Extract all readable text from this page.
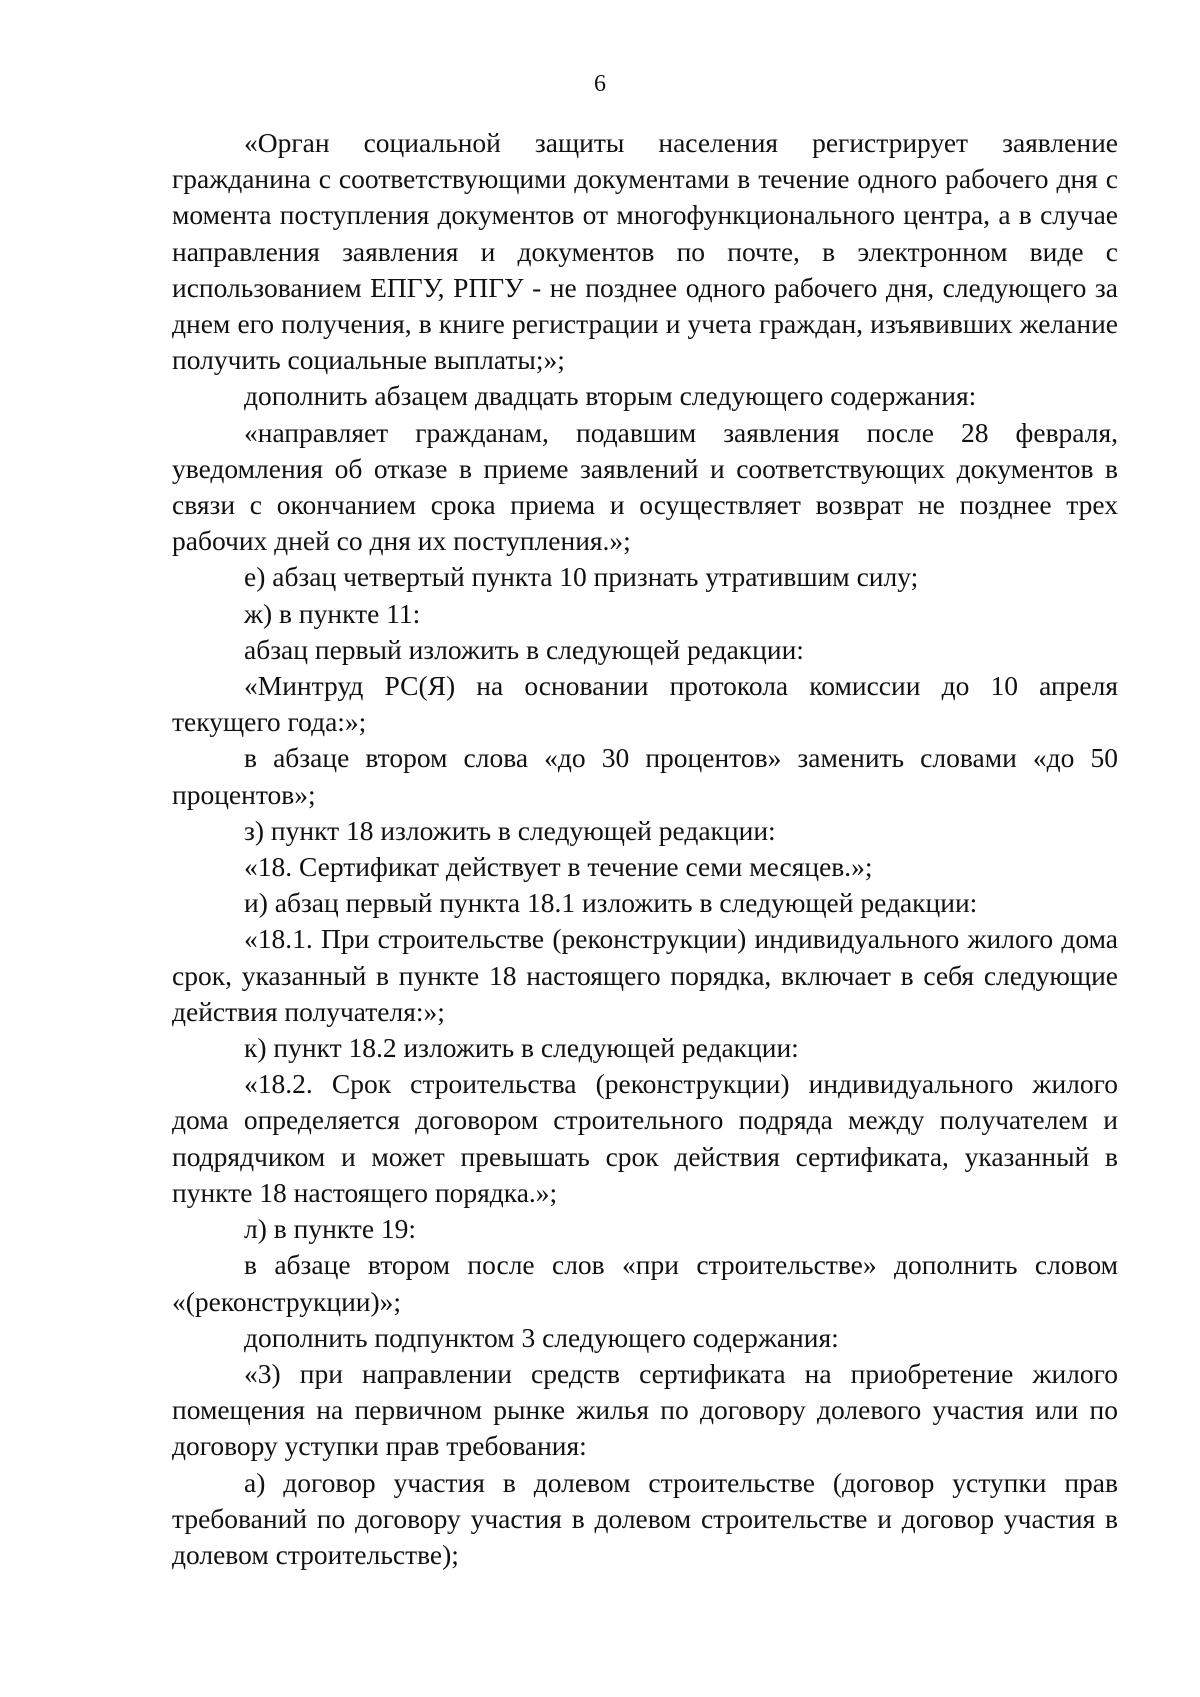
6

«Орган социальной защиты населения регистрирует заявление гражданина с соответствующими документами в течение одного рабочего дня с момента поступления документов от многофункционального центра, а в случае направления заявления и документов по почте, в электронном виде с использованием ЕПГУ, РПГУ - не позднее одного рабочего дня, следующего за днем его получения, в книге регистрации и учета граждан, изъявивших желание получить социальные выплаты;»;

дополнить абзацем двадцать вторым следующего содержания:

«направляет гражданам, подавшим заявления после 28 февраля, уведомления об отказе в приеме заявлений и соответствующих документов в связи с окончанием срока приема и осуществляет возврат не позднее трех рабочих дней со дня их поступления.»;

е) абзац четвертый пункта 10 признать утратившим силу;

ж) в пункте 11:

абзац первый изложить в следующей редакции:

«Минтруд РС(Я) на основании протокола комиссии до 10 апреля текущего года:»;

в абзаце втором слова «до 30 процентов» заменить словами «до 50 процентов»;

з) пункт 18 изложить в следующей редакции:

«18. Сертификат действует в течение семи месяцев.»;

и) абзац первый пункта 18.1 изложить в следующей редакции:

«18.1. При строительстве (реконструкции) индивидуального жилого дома срок, указанный в пункте 18 настоящего порядка, включает в себя следующие действия получателя:»;

к) пункт 18.2 изложить в следующей редакции:

«18.2. Срок строительства (реконструкции) индивидуального жилого дома определяется договором строительного подряда между получателем и подрядчиком и может превышать срок действия сертификата, указанный в пункте 18 настоящего порядка.»;

л) в пункте 19:

в абзаце втором после слов «при строительстве» дополнить словом «(реконструкции)»;

дополнить подпунктом 3 следующего содержания:

«3) при направлении средств сертификата на приобретение жилого помещения на первичном рынке жилья по договору долевого участия или по договору уступки прав требования:

а) договор участия в долевом строительстве (договор уступки прав требований по договору участия в долевом строительстве и договор участия в долевом строительстве);
